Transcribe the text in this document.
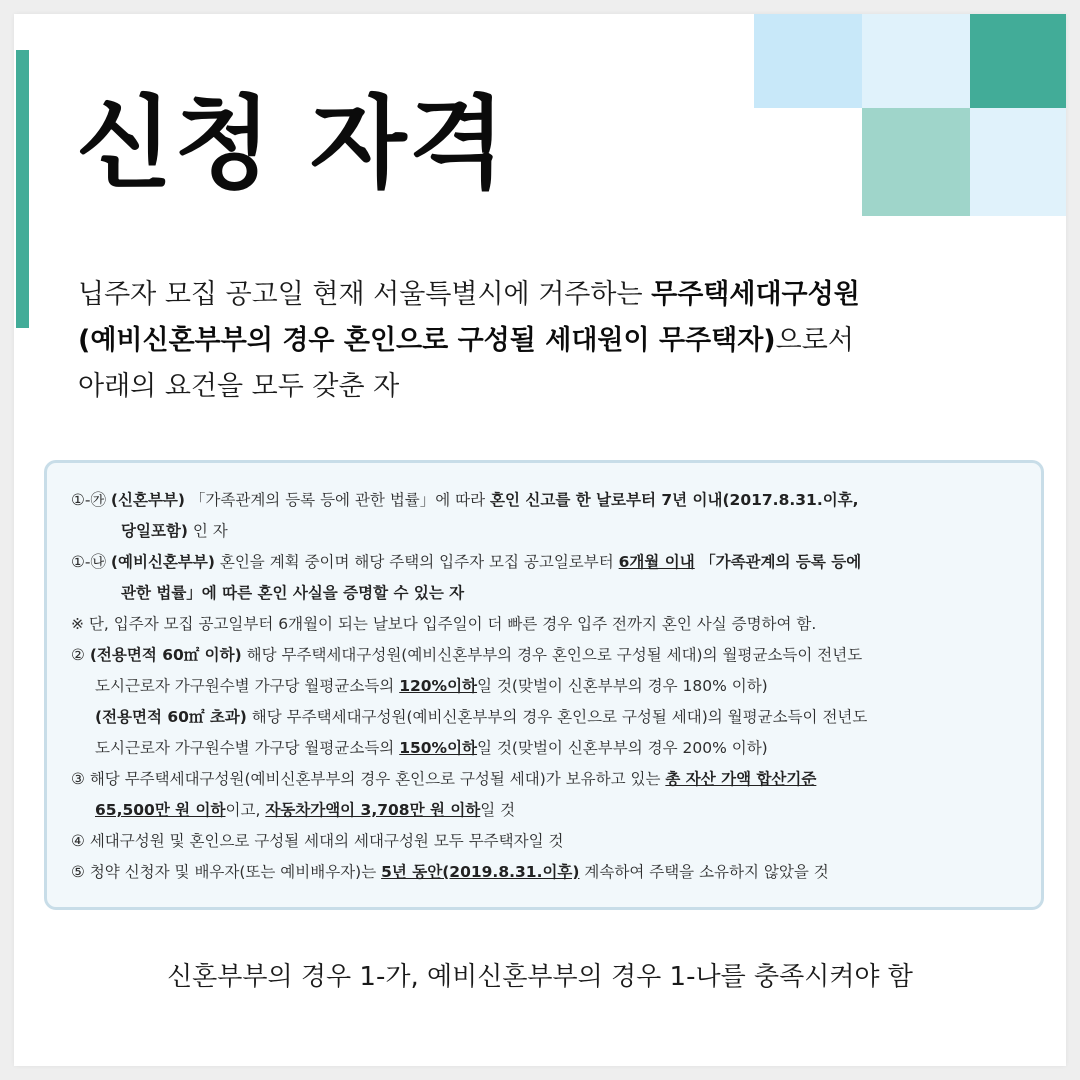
신청 자격
닙주자 모집 공고일 현재 서울특별시에 거주하는 무주택세대구성원
(예비신혼부부의 경우 혼인으로 구성될 세대원이 무주택자)으로서
아래의 요건을 모두 갖춘 자
①-㉮ (신혼부부) 「가족관계의 등록 등에 관한 법률」에 따라 혼인 신고를 한 날로부터 7년 이내(2017.8.31.이후,
당일포함) 인 자
①-㉯ (예비신혼부부) 혼인을 계획 중이며 해당 주택의 입주자 모집 공고일로부터 6개월 이내 「가족관계의 등록 등에
관한 법률」에 따른 혼인 사실을 증명할 수 있는 자
※ 단, 입주자 모집 공고일부터 6개월이 되는 날보다 입주일이 더 빠른 경우 입주 전까지 혼인 사실 증명하여 함.
② (전용면적 60㎡ 이하) 해당 무주택세대구성원(예비신혼부부의 경우 혼인으로 구성될 세대)의 월평균소득이 전년도
도시근로자 가구원수별 가구당 월평균소득의 120%이하일 것(맞벌이 신혼부부의 경우 180% 이하)
(전용면적 60㎡ 초과) 해당 무주택세대구성원(예비신혼부부의 경우 혼인으로 구성될 세대)의 월평균소득이 전년도
도시근로자 가구원수별 가구당 월평균소득의 150%이하일 것(맞벌이 신혼부부의 경우 200% 이하)
③ 해당 무주택세대구성원(예비신혼부부의 경우 혼인으로 구성될 세대)가 보유하고 있는 총 자산 가액 합산기준
65,500만 원 이하이고, 자동차가액이 3,708만 원 이하일 것
④ 세대구성원 및 혼인으로 구성될 세대의 세대구성원 모두 무주택자일 것
⑤ 청약 신청자 및 배우자(또는 예비배우자)는 5년 동안(2019.8.31.이후) 계속하여 주택을 소유하지 않았을 것
신혼부부의 경우 1-가, 예비신혼부부의 경우 1-나를 충족시켜야 함
